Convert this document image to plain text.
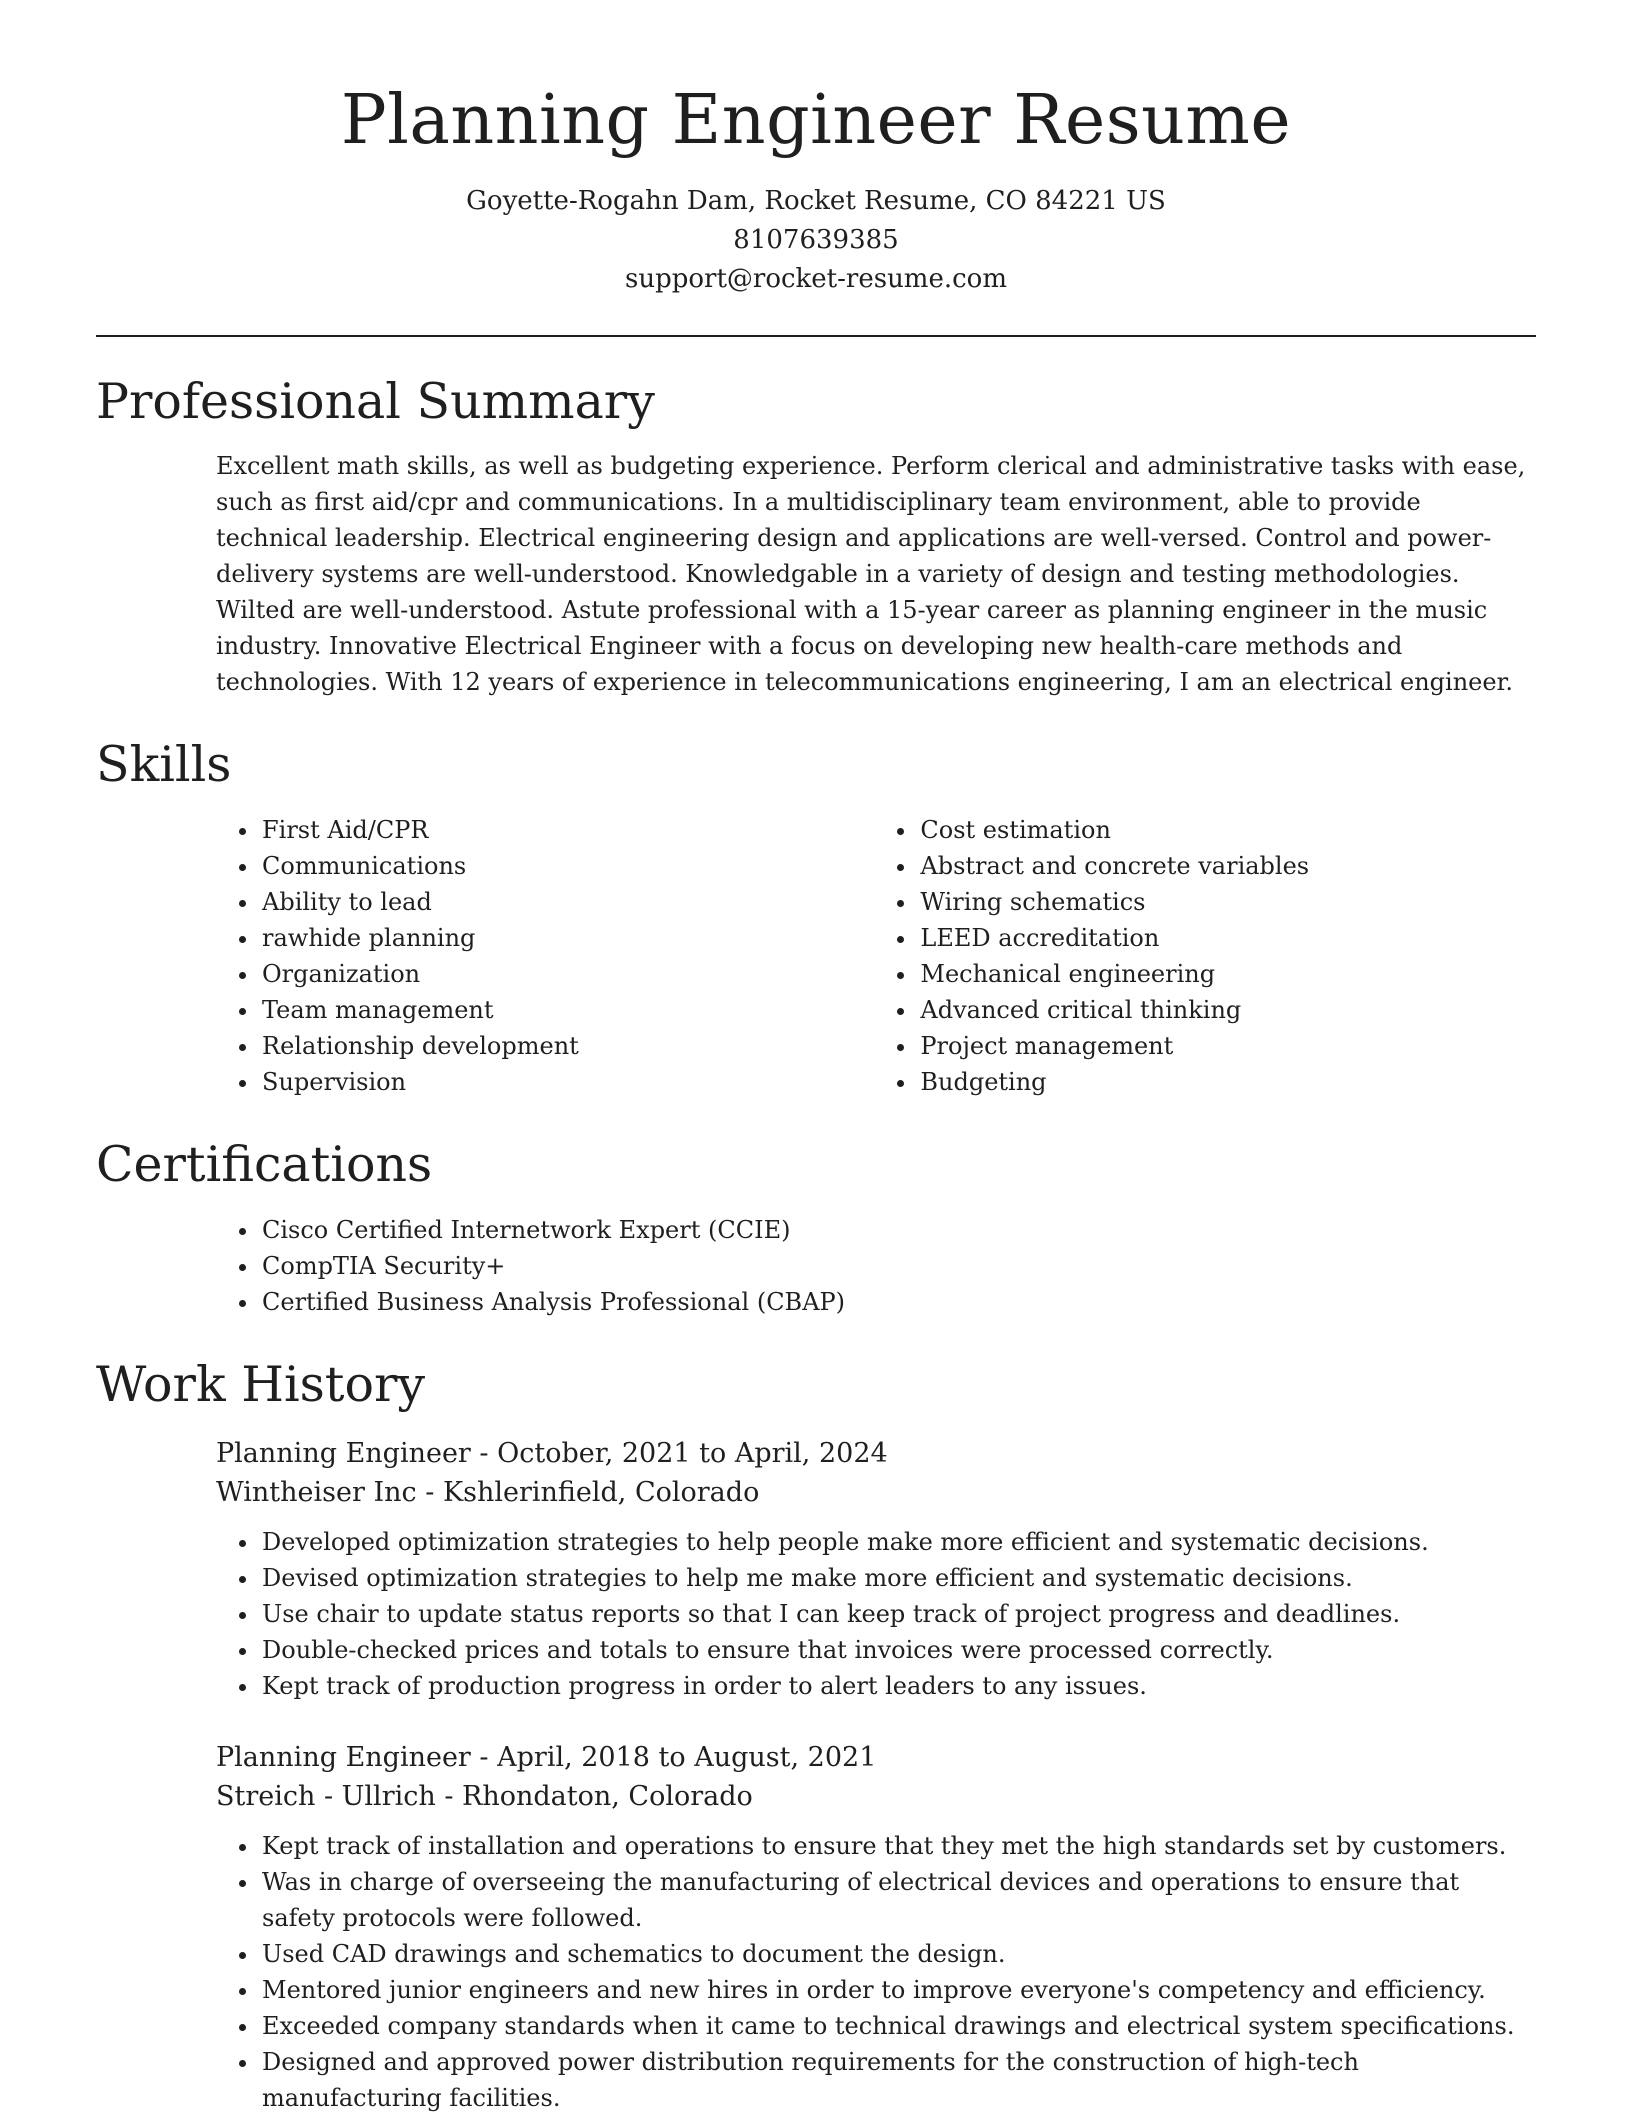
Planning Engineer Resume
Goyette-Rogahn Dam, Rocket Resume, CO 84221 US
8107639385
support@rocket-resume.com
Professional Summary

Excellent math skills, as well as budgeting experience. Perform clerical and administrative tasks with ease, such as first aid/cpr and communications. In a multidisciplinary team environment, able to provide technical leadership. Electrical engineering design and applications are well-versed. Control and power-delivery systems are well-understood. Knowledgable in a variety of design and testing methodologies. Wilted are well-understood. Astute professional with a 15-year career as planning engineer in the music industry. Innovative Electrical Engineer with a focus on developing new health-care methods and technologies. With 12 years of experience in telecommunications engineering, I am an electrical engineer.

Skills
• First Aid/CPR
• Communications
• Ability to lead
• rawhide planning
• Organization
• Team management
• Relationship development
• Supervision
• Cost estimation
• Abstract and concrete variables
• Wiring schematics
• LEED accreditation
• Mechanical engineering
• Advanced critical thinking
• Project management
• Budgeting
Certifications
• Cisco Certified Internetwork Expert (CCIE)
• CompTIA Security+
• Certified Business Analysis Professional (CBAP)
Work History
Planning Engineer - October, 2021 to April, 2024
Wintheiser Inc - Kshlerinfield, Colorado
• Developed optimization strategies to help people make more efficient and systematic decisions.
• Devised optimization strategies to help me make more efficient and systematic decisions.
• Use chair to update status reports so that I can keep track of project progress and deadlines.
• Double-checked prices and totals to ensure that invoices were processed correctly.
• Kept track of production progress in order to alert leaders to any issues.
Planning Engineer - April, 2018 to August, 2021
Streich - Ullrich - Rhondaton, Colorado
• Kept track of installation and operations to ensure that they met the high standards set by customers.
• Was in charge of overseeing the manufacturing of electrical devices and operations to ensure that safety protocols were followed.
• Used CAD drawings and schematics to document the design.
• Mentored junior engineers and new hires in order to improve everyone's competency and efficiency.
• Exceeded company standards when it came to technical drawings and electrical system specifications.
• Designed and approved power distribution requirements for the construction of high-tech manufacturing facilities.
